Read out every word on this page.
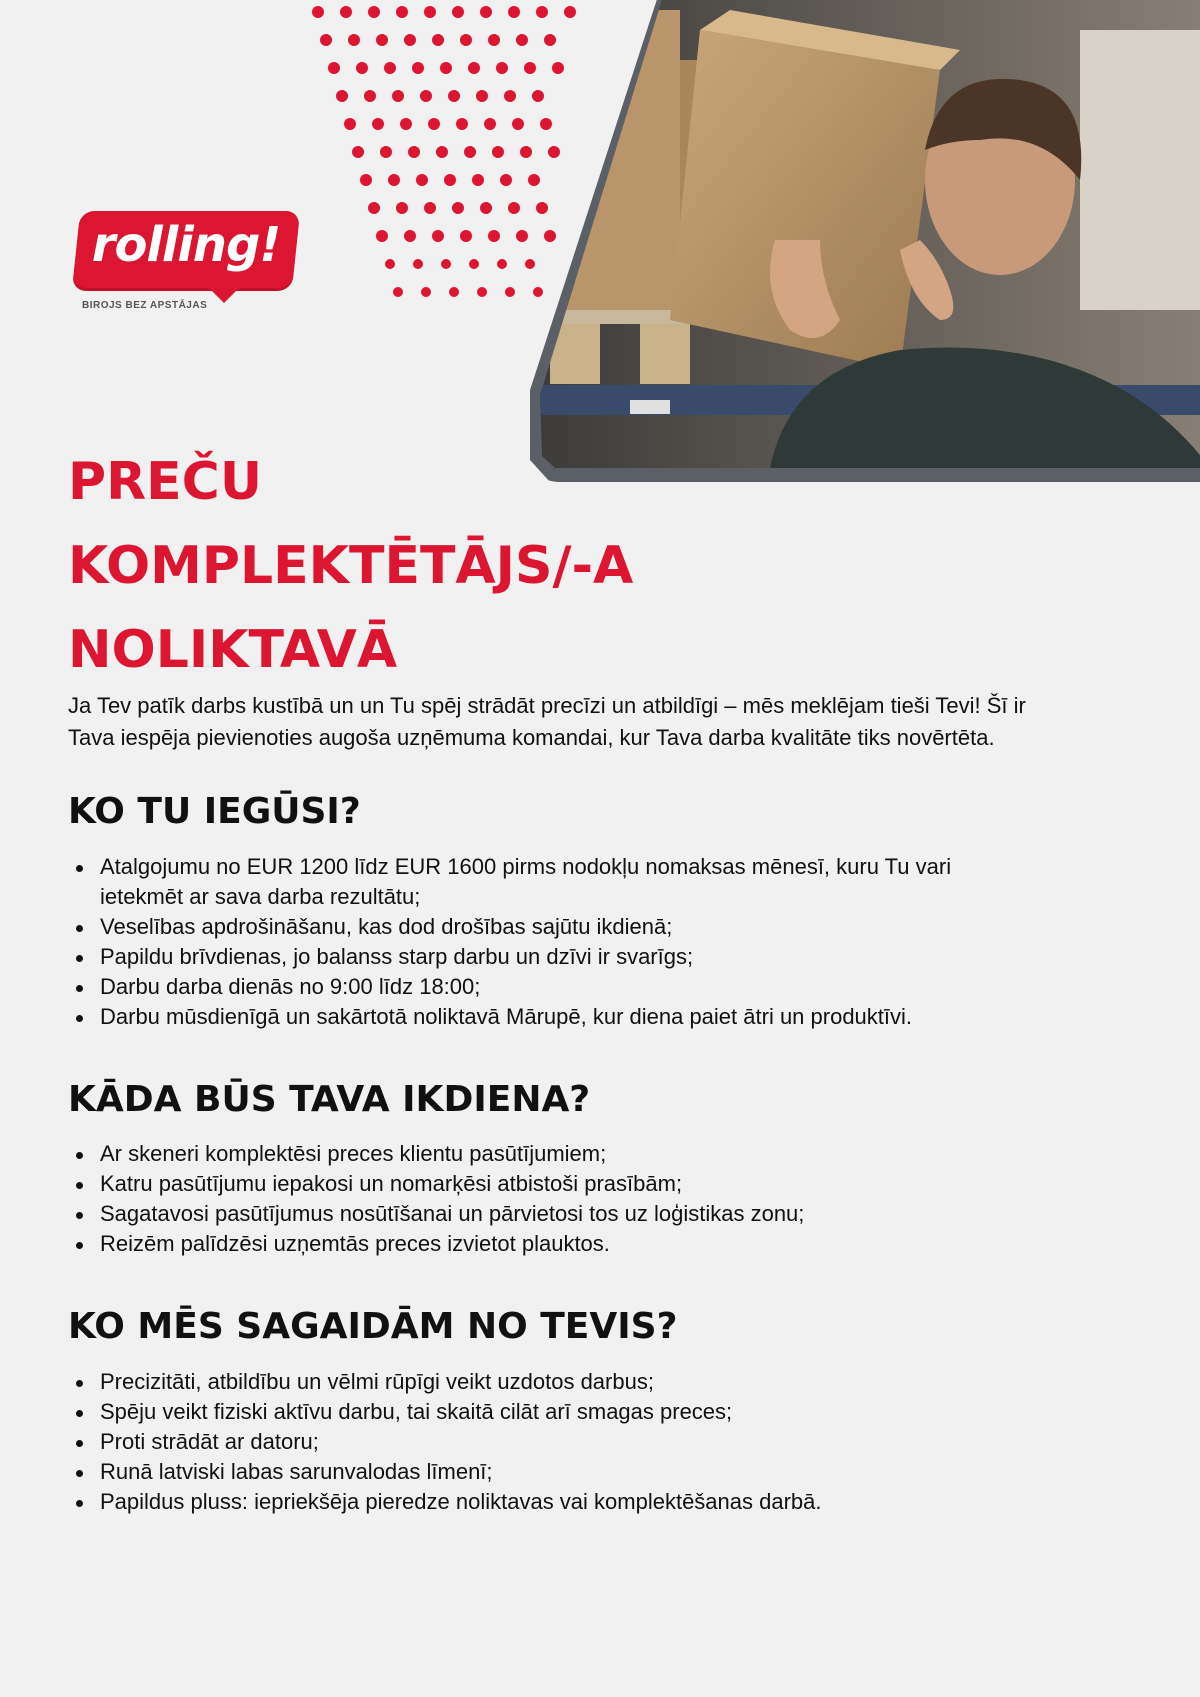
rolling!
BIROJS BEZ APSTĀJAS
PREČU
KOMPLEKTĒTĀJS/-A
NOLIKTAVĀ

Ja Tev patīk darbs kustībā un un Tu spēj strādāt precīzi un atbildīgi – mēs meklējam tieši Tevi! Šī ir
Tava iespēja pievienoties augoša uzņēmuma komandai, kur Tava darba kvalitāte tiks novērtēta.

KO TU IEGŪSI?
Atalgojumu no EUR 1200 līdz EUR 1600 pirms nodokļu nomaksas mēnesī, kuru Tu vari ietekmēt ar sava darba rezultātu;
Veselības apdrošināšanu, kas dod drošības sajūtu ikdienā;
Papildu brīvdienas, jo balanss starp darbu un dzīvi ir svarīgs;
Darbu darba dienās no 9:00 līdz 18:00;
Darbu mūsdienīgā un sakārtotā noliktavā Mārupē, kur diena paiet ātri un produktīvi.
KĀDA BŪS TAVA IKDIENA?
Ar skeneri komplektēsi preces klientu pasūtījumiem;
Katru pasūtījumu iepakosi un nomarķēsi atbistoši prasībām;
Sagatavosi pasūtījumus nosūtīšanai un pārvietosi tos uz loģistikas zonu;
Reizēm palīdzēsi uzņemtās preces izvietot plauktos.
KO MĒS SAGAIDĀM NO TEVIS?
Precizitāti, atbildību un vēlmi rūpīgi veikt uzdotos darbus;
Spēju veikt fiziski aktīvu darbu, tai skaitā cilāt arī smagas preces;
Proti strādāt ar datoru;
Runā latviski labas sarunvalodas līmenī;
Papildus pluss: iepriekšēja pieredze noliktavas vai komplektēšanas darbā.
